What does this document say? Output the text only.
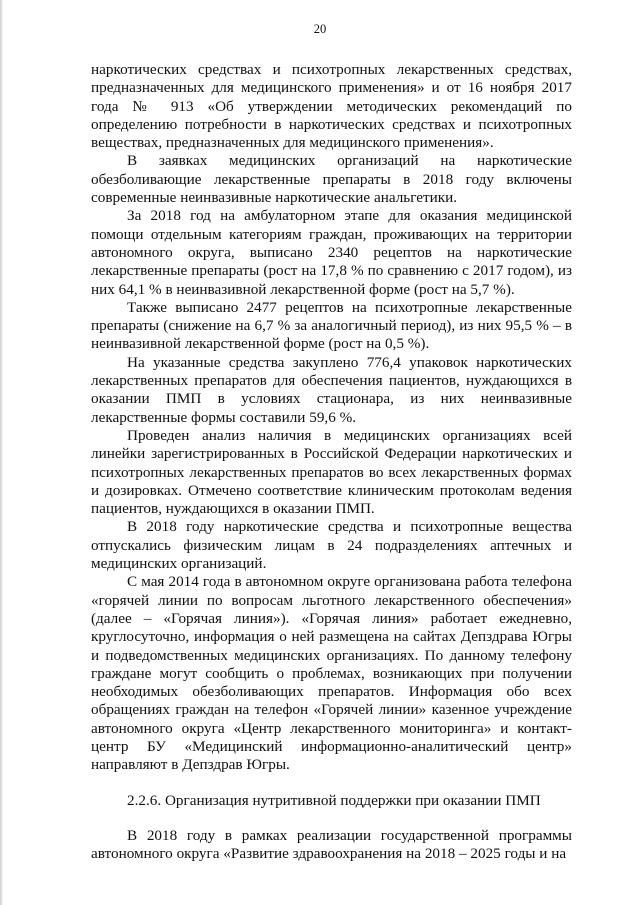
20

наркотических средствах и психотропных лекарственных средствах, предназначенных для медицинского применения» и от 16 ноября 2017 года № 913 «Об утверждении методических рекомендаций по определению потребности в наркотических средствах и психотропных веществах, предназначенных для медицинского применения».

В заявках медицинских организаций на наркотические обезболивающие лекарственные препараты в 2018 году включены современные неинвазивные наркотические анальгетики.

За 2018 год на амбулаторном этапе для оказания медицинской помощи отдельным категориям граждан, проживающих на территории автономного округа, выписано 2340 рецептов на наркотические лекарственные препараты (рост на 17,8 % по сравнению с 2017 годом), из них 64,1 % в неинвазивной лекарственной форме (рост на 5,7 %).

Также выписано 2477 рецептов на психотропные лекарственные препараты (снижение на 6,7 % за аналогичный период), из них 95,5 % – в неинвазивной лекарственной форме (рост на 0,5 %).

На указанные средства закуплено 776,4 упаковок наркотических лекарственных препаратов для обеспечения пациентов, нуждающихся в оказании ПМП в условиях стационара, из них неинвазивные лекарственные формы составили 59,6 %.

Проведен анализ наличия в медицинских организациях всей линейки зарегистрированных в Российской Федерации наркотических и психотропных лекарственных препаратов во всех лекарственных формах и дозировках. Отмечено соответствие клиническим протоколам ведения пациентов, нуждающихся в оказании ПМП.

В 2018 году наркотические средства и психотропные вещества отпускались физическим лицам в 24 подразделениях аптечных и медицинских организаций.

С мая 2014 года в автономном округе организована работа телефона «горячей линии по вопросам льготного лекарственного обеспечения» (далее – «Горячая линия»). «Горячая линия» работает ежедневно, круглосуточно, информация о ней размещена на сайтах Депздрава Югры и подведомственных медицинских организациях. По данному телефону граждане могут сообщить о проблемах, возникающих при получении необходимых обезболивающих препаратов. Информация обо всех обращениях граждан на телефон «Горячей линии» казенное учреждение автономного округа «Центр лекарственного мониторинга» и контакт-центр БУ «Медицинский информационно-аналитический центр» направляют в Депздрав Югры.

2.2.6. Организация нутритивной поддержки при оказании ПМП

В 2018 году в рамках реализации государственной программы автономного округа «Развитие здравоохранения на 2018 – 2025 годы и на
